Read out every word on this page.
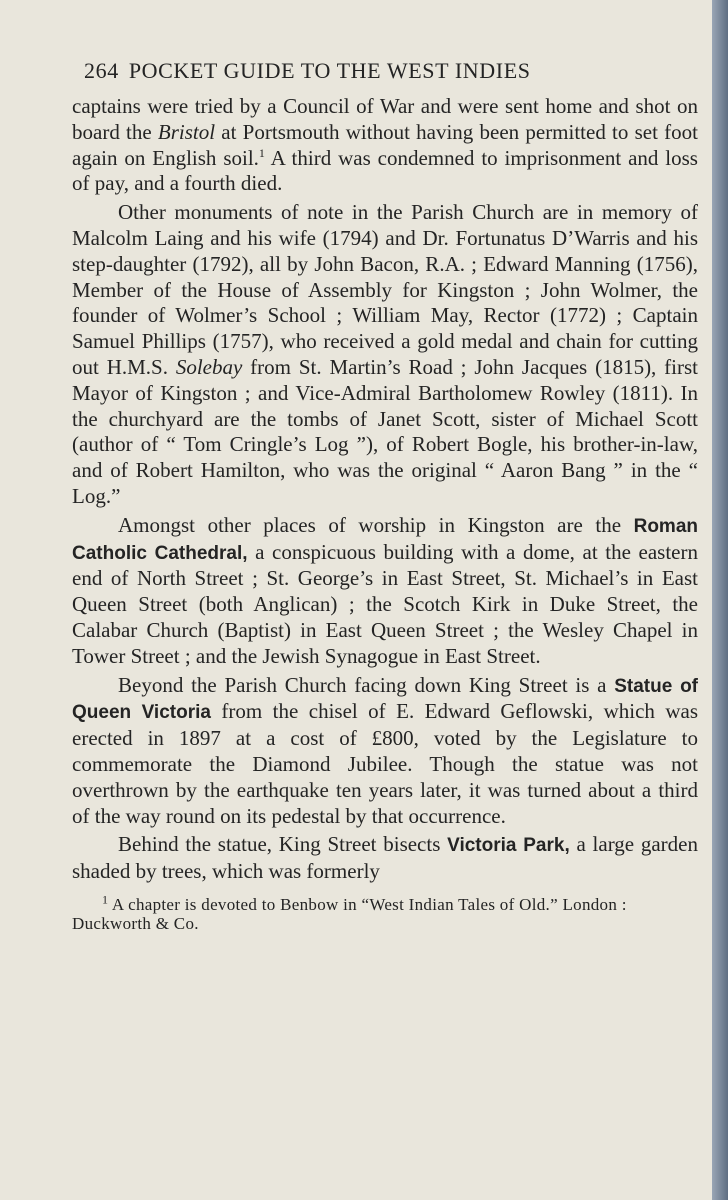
264 POCKET GUIDE TO THE WEST INDIES

captains were tried by a Council of War and were sent home and shot on board the Bristol at Portsmouth without having been permitted to set foot again on English soil.$^1$ A third was condemned to imprisonment and loss of pay, and a fourth died.

Other monuments of note in the Parish Church are in memory of Malcolm Laing and his wife (1794) and Dr. Fortunatus D’Warris and his step-daughter (1792), all by John Bacon, R.A. ; Edward Manning (1756), Member of the House of Assembly for Kingston ; John Wolmer, the founder of Wolmer’s School ; William May, Rector (1772) ; Captain Samuel Phillips (1757), who received a gold medal and chain for cutting out H.M.S. Solebay from St. Martin’s Road ; John Jacques (1815), first Mayor of Kingston ; and Vice-Admiral Bartholomew Rowley (1811). In the churchyard are the tombs of Janet Scott, sister of Michael Scott (author of “ Tom Cringle’s Log ”), of Robert Bogle, his brother-in-law, and of Robert Hamilton, who was the original “ Aaron Bang ” in the “ Log.”

Amongst other places of worship in Kingston are the Roman Catholic Cathedral, a conspicuous building with a dome, at the eastern end of North Street ; St. George’s in East Street, St. Michael’s in East Queen Street (both Anglican) ; the Scotch Kirk in Duke Street, the Calabar Church (Baptist) in East Queen Street ; the Wesley Chapel in Tower Street ; and the Jewish Synagogue in East Street.

Beyond the Parish Church facing down King Street is a Statue of Queen Victoria from the chisel of E. Edward Geflowski, which was erected in 1897 at a cost of £800, voted by the Legislature to commemorate the Diamond Jubilee. Though the statue was not overthrown by the earthquake ten years later, it was turned about a third of the way round on its pedestal by that occurrence.

Behind the statue, King Street bisects Victoria Park, a large garden shaded by trees, which was formerly

$^1$ A chapter is devoted to Benbow in “West Indian Tales of Old.” London : Duckworth & Co.
